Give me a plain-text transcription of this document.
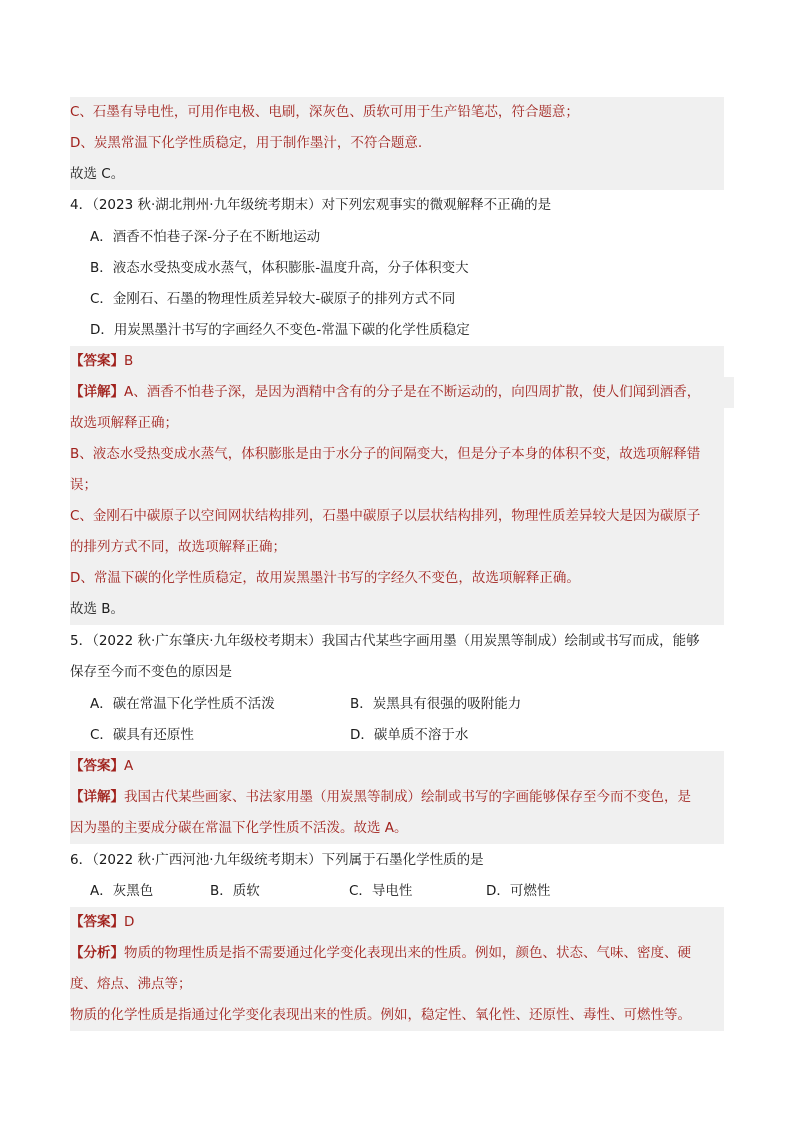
C、石墨有导电性，可用作电极、电刷，深灰色、质软可用于生产铅笔芯，符合题意；
D、炭黑常温下化学性质稳定，用于制作墨汁，不符合题意.
故选 C。
4．（2023 秋·湖北荆州·九年级统考期末）对下列宏观事实的微观解释不正确的是
A．酒香不怕巷子深-分子在不断地运动
B．液态水受热变成水蒸气，体积膨胀-温度升高，分子体积变大
C．金刚石、石墨的物理性质差异较大-碳原子的排列方式不同
D．用炭黑墨汁书写的字画经久不变色-常温下碳的化学性质稳定
【答案】B
【详解】A、酒香不怕巷子深，是因为酒精中含有的分子是在不断运动的，向四周扩散，使人们闻到酒香，
故选项解释正确；
B、液态水受热变成水蒸气，体积膨胀是由于水分子的间隔变大，但是分子本身的体积不变，故选项解释错
误；
C、金刚石中碳原子以空间网状结构排列，石墨中碳原子以层状结构排列，物理性质差异较大是因为碳原子
的排列方式不同，故选项解释正确；
D、常温下碳的化学性质稳定，故用炭黑墨汁书写的字经久不变色，故选项解释正确。
故选 B。
5．（2022 秋·广东肇庆·九年级校考期末）我国古代某些字画用墨（用炭黑等制成）绘制或书写而成，能够
保存至今而不变色的原因是
A．碳在常温下化学性质不活泼	B．炭黑具有很强的吸附能力
C．碳具有还原性	D．碳单质不溶于水
【答案】A
【详解】我国古代某些画家、书法家用墨（用炭黑等制成）绘制或书写的字画能够保存至今而不变色，是
因为墨的主要成分碳在常温下化学性质不活泼。故选 A。
6．（2022 秋·广西河池·九年级统考期末）下列属于石墨化学性质的是
A．灰黑色	B．质软	C．导电性	D．可燃性
【答案】D
【分析】物质的物理性质是指不需要通过化学变化表现出来的性质。例如，颜色、状态、气味、密度、硬
度、熔点、沸点等；
物质的化学性质是指通过化学变化表现出来的性质。例如，稳定性、氧化性、还原性、毒性、可燃性等。
